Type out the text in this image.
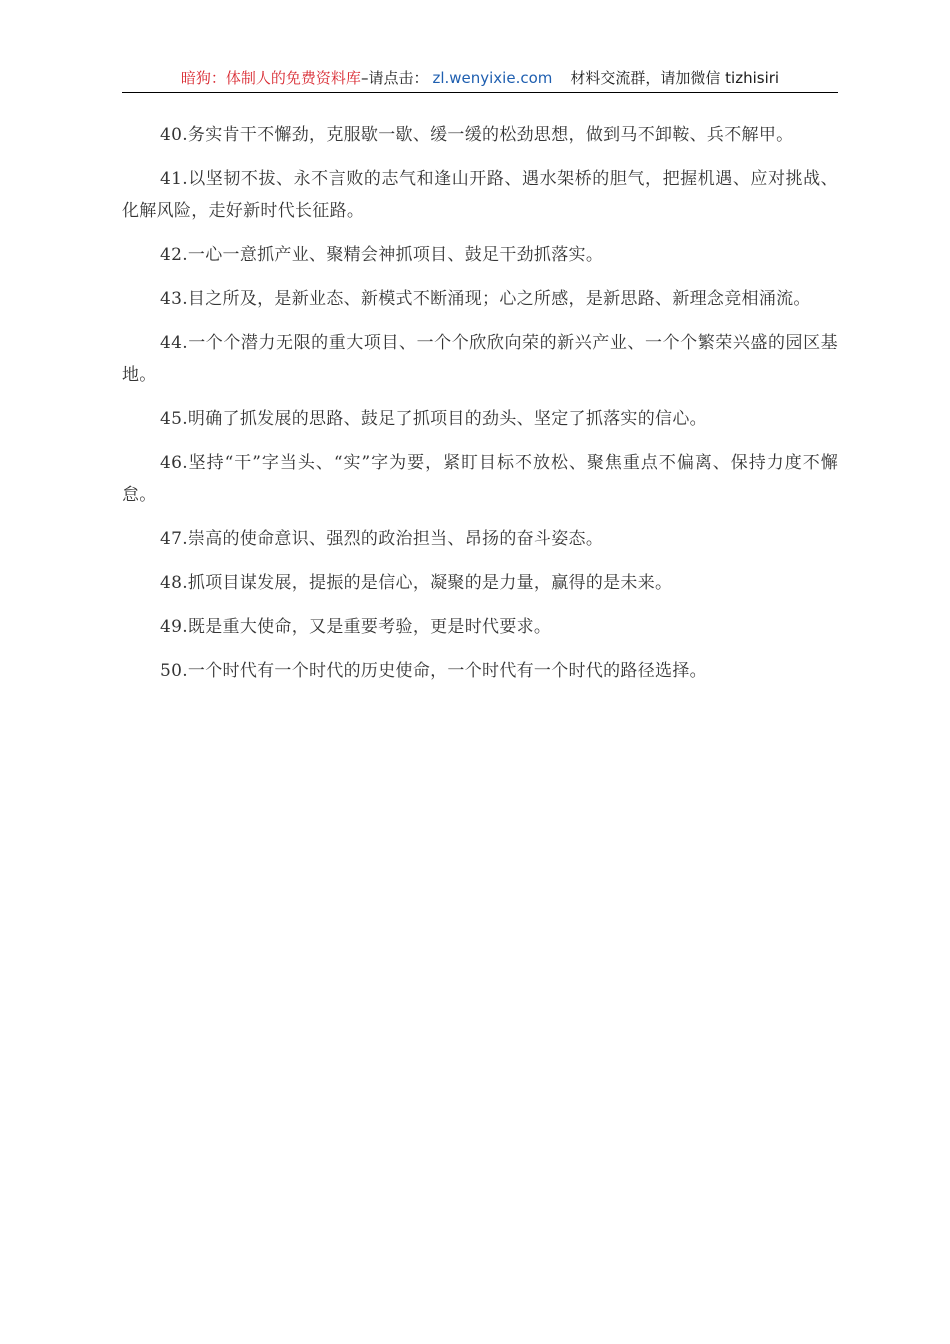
暗狗：体制人的免费资料库–请点击： zl.wenyixie.com 材料交流群，请加微信 tizhisiri

40.务实肯干不懈劲，克服歇一歇、缓一缓的松劲思想，做到马不卸鞍、兵不解甲。

41.以坚韧不拔、永不言败的志气和逢山开路、遇水架桥的胆气，把握机遇、应对挑战、化解风险，走好新时代长征路。

42.一心一意抓产业、聚精会神抓项目、鼓足干劲抓落实。

43.目之所及，是新业态、新模式不断涌现；心之所感，是新思路、新理念竞相涌流。

44.一个个潜力无限的重大项目、一个个欣欣向荣的新兴产业、一个个繁荣兴盛的园区基地。

45.明确了抓发展的思路、鼓足了抓项目的劲头、坚定了抓落实的信心。

46.坚持“干”字当头、“实”字为要，紧盯目标不放松、聚焦重点不偏离、保持力度不懈怠。

47.崇高的使命意识、强烈的政治担当、昂扬的奋斗姿态。

48.抓项目谋发展，提振的是信心，凝聚的是力量，赢得的是未来。

49.既是重大使命，又是重要考验，更是时代要求。

50.一个时代有一个时代的历史使命，一个时代有一个时代的路径选择。
